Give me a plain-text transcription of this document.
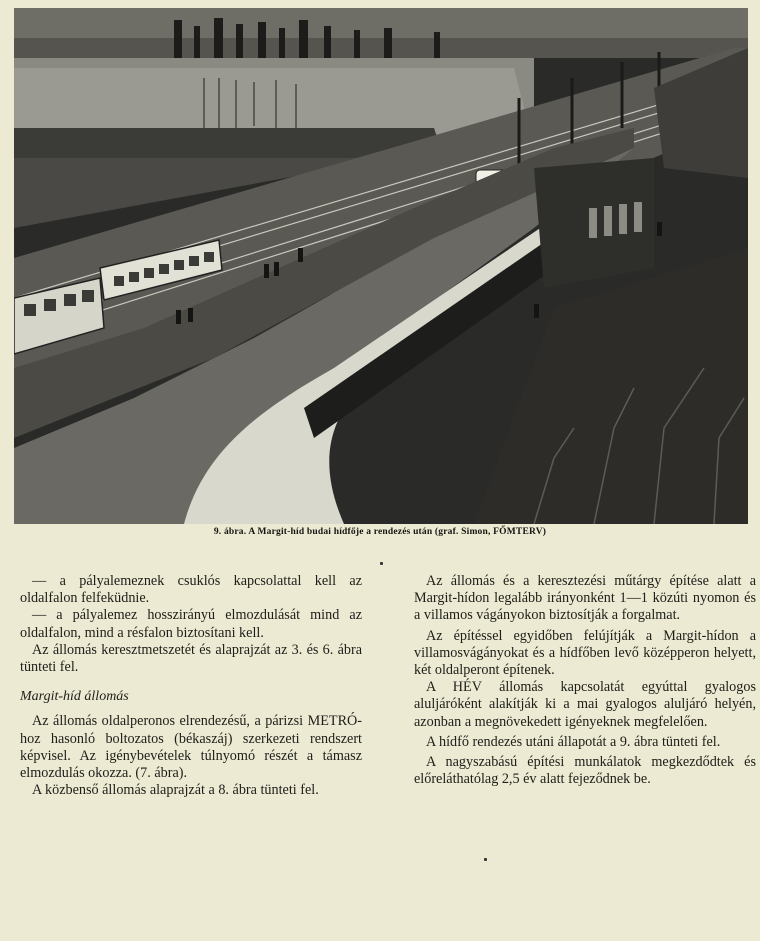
9. ábra. A Margit-híd budai hídfője a rendezés után (graf. Simon, FŐMTERV)

— a pályalemeznek csuklós kapcsolattal kell az oldalfalon felfeküdnie.

— a pályalemez hosszirányú elmozdulását mind az oldalfalon, mind a résfalon biztosítani kell.

Az állomás keresztmetszetét és alaprajzát az 3. és 6. ábra tünteti fel.

Margit-híd állomás

Az állomás oldalperonos elrendezésű, a párizsi METRÓ-hoz hasonló boltozatos (békaszáj) szerkezeti rendszert képvisel. Az igénybevételek túlnyomó részét a támasz elmozdulás okozza. (7. ábra).

A közbenső állomás alaprajzát a 8. ábra tünteti fel.

Az állomás és a keresztezési műtárgy építése alatt a Margit-hídon legalább irányonként 1—1 közúti nyomon és a villamos vágányokon biztosítják a forgalmat.

Az építéssel egyidőben felújítják a Margit-hídon a villamosvágányokat és a hídfőben levő középperon helyett, két oldalperont építenek.

A HÉV állomás kapcsolatát egyúttal gyalogos aluljáróként alakítják ki a mai gyalogos aluljáró helyén, azonban a megnövekedett igényeknek megfelelően.

A hídfő rendezés utáni állapotát a 9. ábra tünteti fel.

A nagyszabású építési munkálatok megkezdődtek és előreláthatólag 2,5 év alatt fejeződnek be.
